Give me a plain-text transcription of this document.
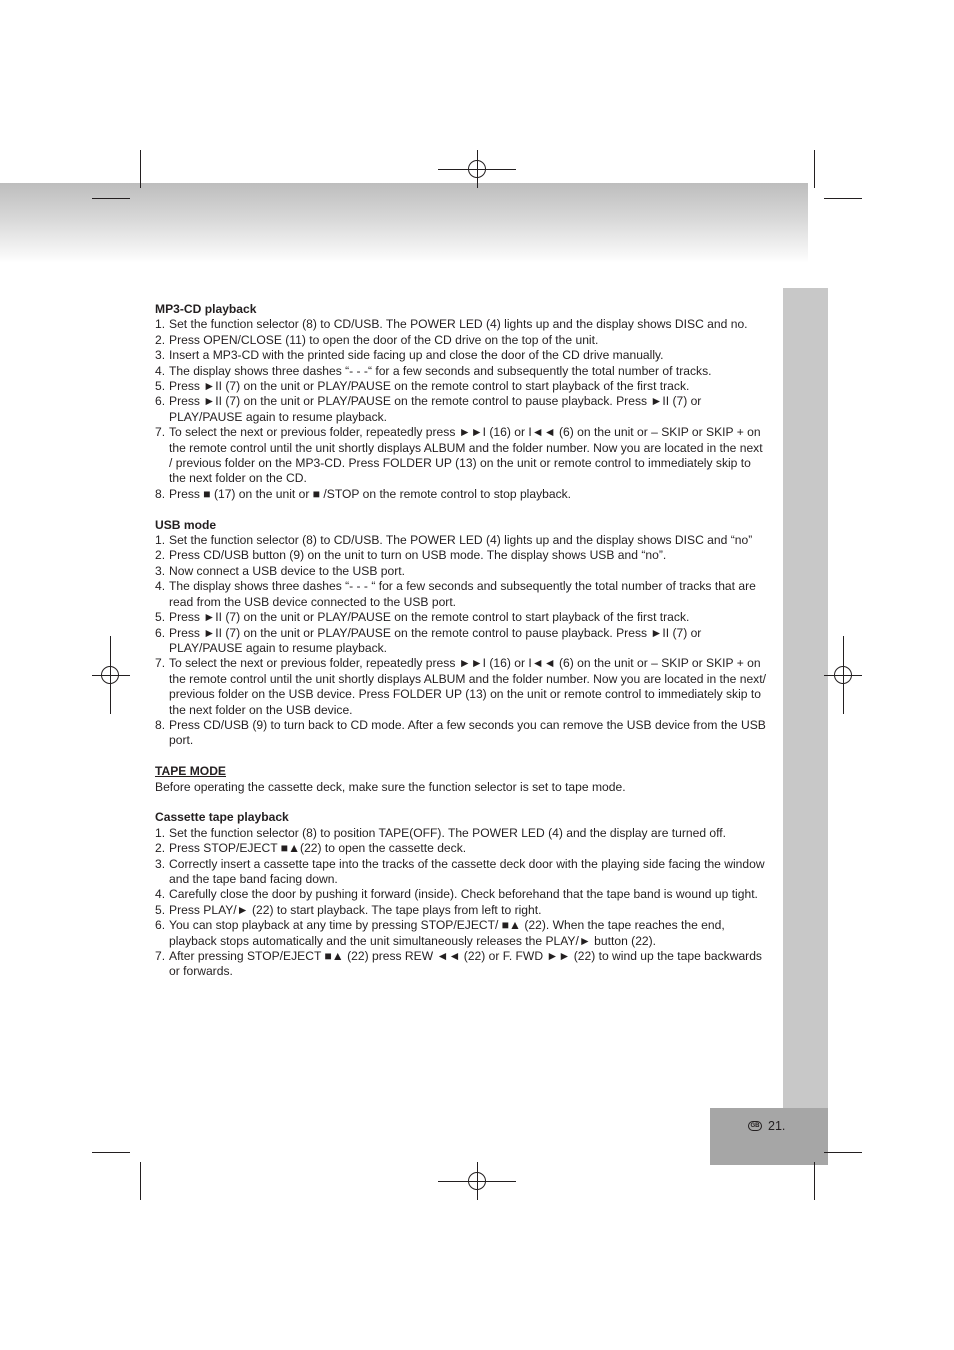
GB 21.

MP3-CD playback

1. Set the function selector (8) to CD/USB. The POWER LED (4) lights up and the display shows DISC and no.
2. Press OPEN/CLOSE (11) to open the door of the CD drive on the top of the unit.
3. Insert a MP3-CD with the printed side facing up and close the door of the CD drive manually.
4. The display shows three dashes “- - -“ for a few seconds and subsequently the total number of tracks.
5. Press ►II (7) on the unit or PLAY/PAUSE on the remote control to start playback of the first track.
6. Press ►II (7) on the unit or PLAY/PAUSE on the remote control to pause playback. Press ►II (7) or PLAY/PAUSE again to resume playback.
7. To select the next or previous folder, repeatedly press ►►I (16) or I◄◄ (6) on the unit or – SKIP or SKIP + on the remote control until the unit shortly displays ALBUM and the folder number. Now you are located in the next / previous folder on the MP3-CD. Press FOLDER UP (13) on the unit or remote control to immediately skip to the next folder on the CD.
8. Press ■ (17) on the unit or ■ /STOP on the remote control to stop playback.

USB mode

1. Set the function selector (8) to CD/USB. The POWER LED (4) lights up and the display shows DISC and “no”
2. Press CD/USB button (9) on the unit to turn on USB mode. The display shows USB and “no”.
3. Now connect a USB device to the USB port.
4. The display shows three dashes “- - - “ for a few seconds and subsequently the total number of tracks that are read from the USB device connected to the USB port.
5. Press ►II (7) on the unit or PLAY/PAUSE on the remote control to start playback of the first track.
6. Press ►II (7) on the unit or PLAY/PAUSE on the remote control to pause playback. Press ►II (7) or PLAY/PAUSE again to resume playback.
7. To select the next or previous folder, repeatedly press ►►I (16) or I◄◄ (6) on the unit or – SKIP or SKIP + on the remote control until the unit shortly displays ALBUM and the folder number. Now you are located in the next/ previous folder on the USB device. Press FOLDER UP (13) on the unit or remote control to immediately skip to the next folder on the USB device.
8. Press CD/USB (9) to turn back to CD mode. After a few seconds you can remove the USB device from the USB port.

TAPE MODE

Before operating the cassette deck, make sure the function selector is set to tape mode.

Cassette tape playback

1. Set the function selector (8) to position TAPE(OFF). The POWER LED (4) and the display are turned off.
2. Press STOP/EJECT ■▲(22) to open the cassette deck.
3. Correctly insert a cassette tape into the tracks of the cassette deck door with the playing side facing the window and the tape band facing down.
4. Carefully close the door by pushing it forward (inside). Check beforehand that the tape band is wound up tight.
5. Press PLAY/► (22) to start playback. The tape plays from left to right.
6. You can stop playback at any time by pressing STOP/EJECT/ ■▲ (22). When the tape reaches the end, playback stops automatically and the unit simultaneously releases the PLAY/► button (22).
7. After pressing STOP/EJECT ■▲ (22) press REW ◄◄ (22) or F. FWD ►► (22) to wind up the tape backwards or forwards.
